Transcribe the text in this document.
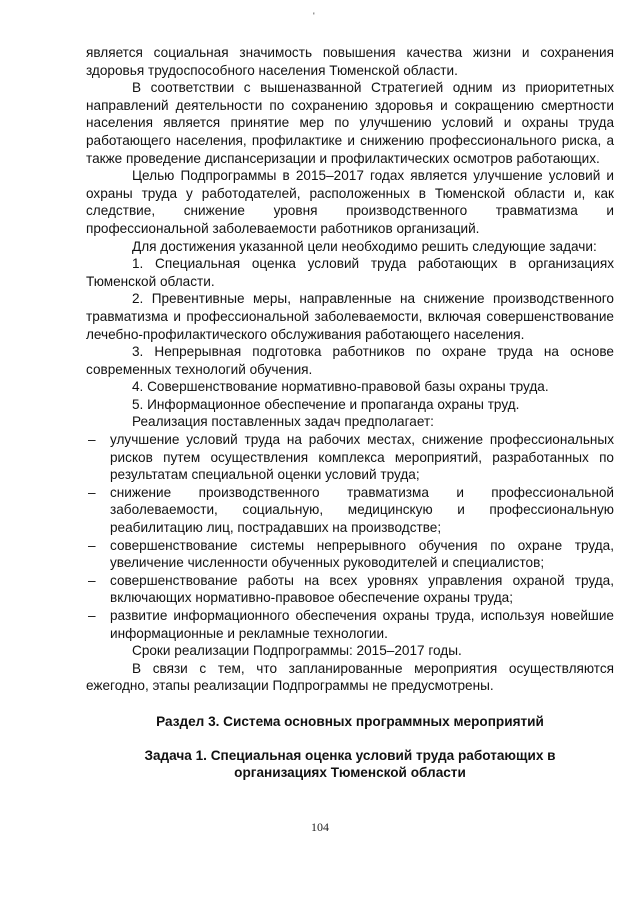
'

является социальная значимость повышения качества жизни и сохранения здоровья трудоспособного населения Тюменской области.

В соответствии с вышеназванной Стратегией одним из приоритетных направлений деятельности по сохранению здоровья и сокращению смертности населения является принятие мер по улучшению условий и охраны труда работающего населения, профилактике и снижению профессионального риска, а также проведение диспансеризации и профилактических осмотров работающих.

Целью Подпрограммы в 2015–2017 годах является улучшение условий и охраны труда у работодателей, расположенных в Тюменской области и, как следствие, снижение уровня производственного травматизма и профессиональной заболеваемости работников организаций.

Для достижения указанной цели необходимо решить следующие задачи:

1. Специальная оценка условий труда работающих в организациях Тюменской области.

2. Превентивные меры, направленные на снижение производственного травматизма и профессиональной заболеваемости, включая совершенствование лечебно-профилактического обслуживания работающего населения.

3. Непрерывная подготовка работников по охране труда на основе современных технологий обучения.

4. Совершенствование нормативно-правовой базы охраны труда.

5. Информационное обеспечение и пропаганда охраны труд.

Реализация поставленных задач предполагает:

– улучшение условий труда на рабочих местах, снижение профессиональных рисков путем осуществления комплекса мероприятий, разработанных по результатам специальной оценки условий труда;
– снижение производственного травматизма и профессиональной заболеваемости, социальную, медицинскую и профессиональную реабилитацию лиц, пострадавших на производстве;
– совершенствование системы непрерывного обучения по охране труда, увеличение численности обученных руководителей и специалистов;
– совершенствование работы на всех уровнях управления охраной труда, включающих нормативно-правовое обеспечение охраны труда;
– развитие информационного обеспечения охраны труда, используя новейшие информационные и рекламные технологии.

Сроки реализации Подпрограммы: 2015–2017 годы.

В связи с тем, что запланированные мероприятия осуществляются ежегодно, этапы реализации Подпрограммы не предусмотрены.

Раздел 3. Система основных программных мероприятий

Задача 1. Специальная оценка условий труда работающих в организациях Тюменской области

104
